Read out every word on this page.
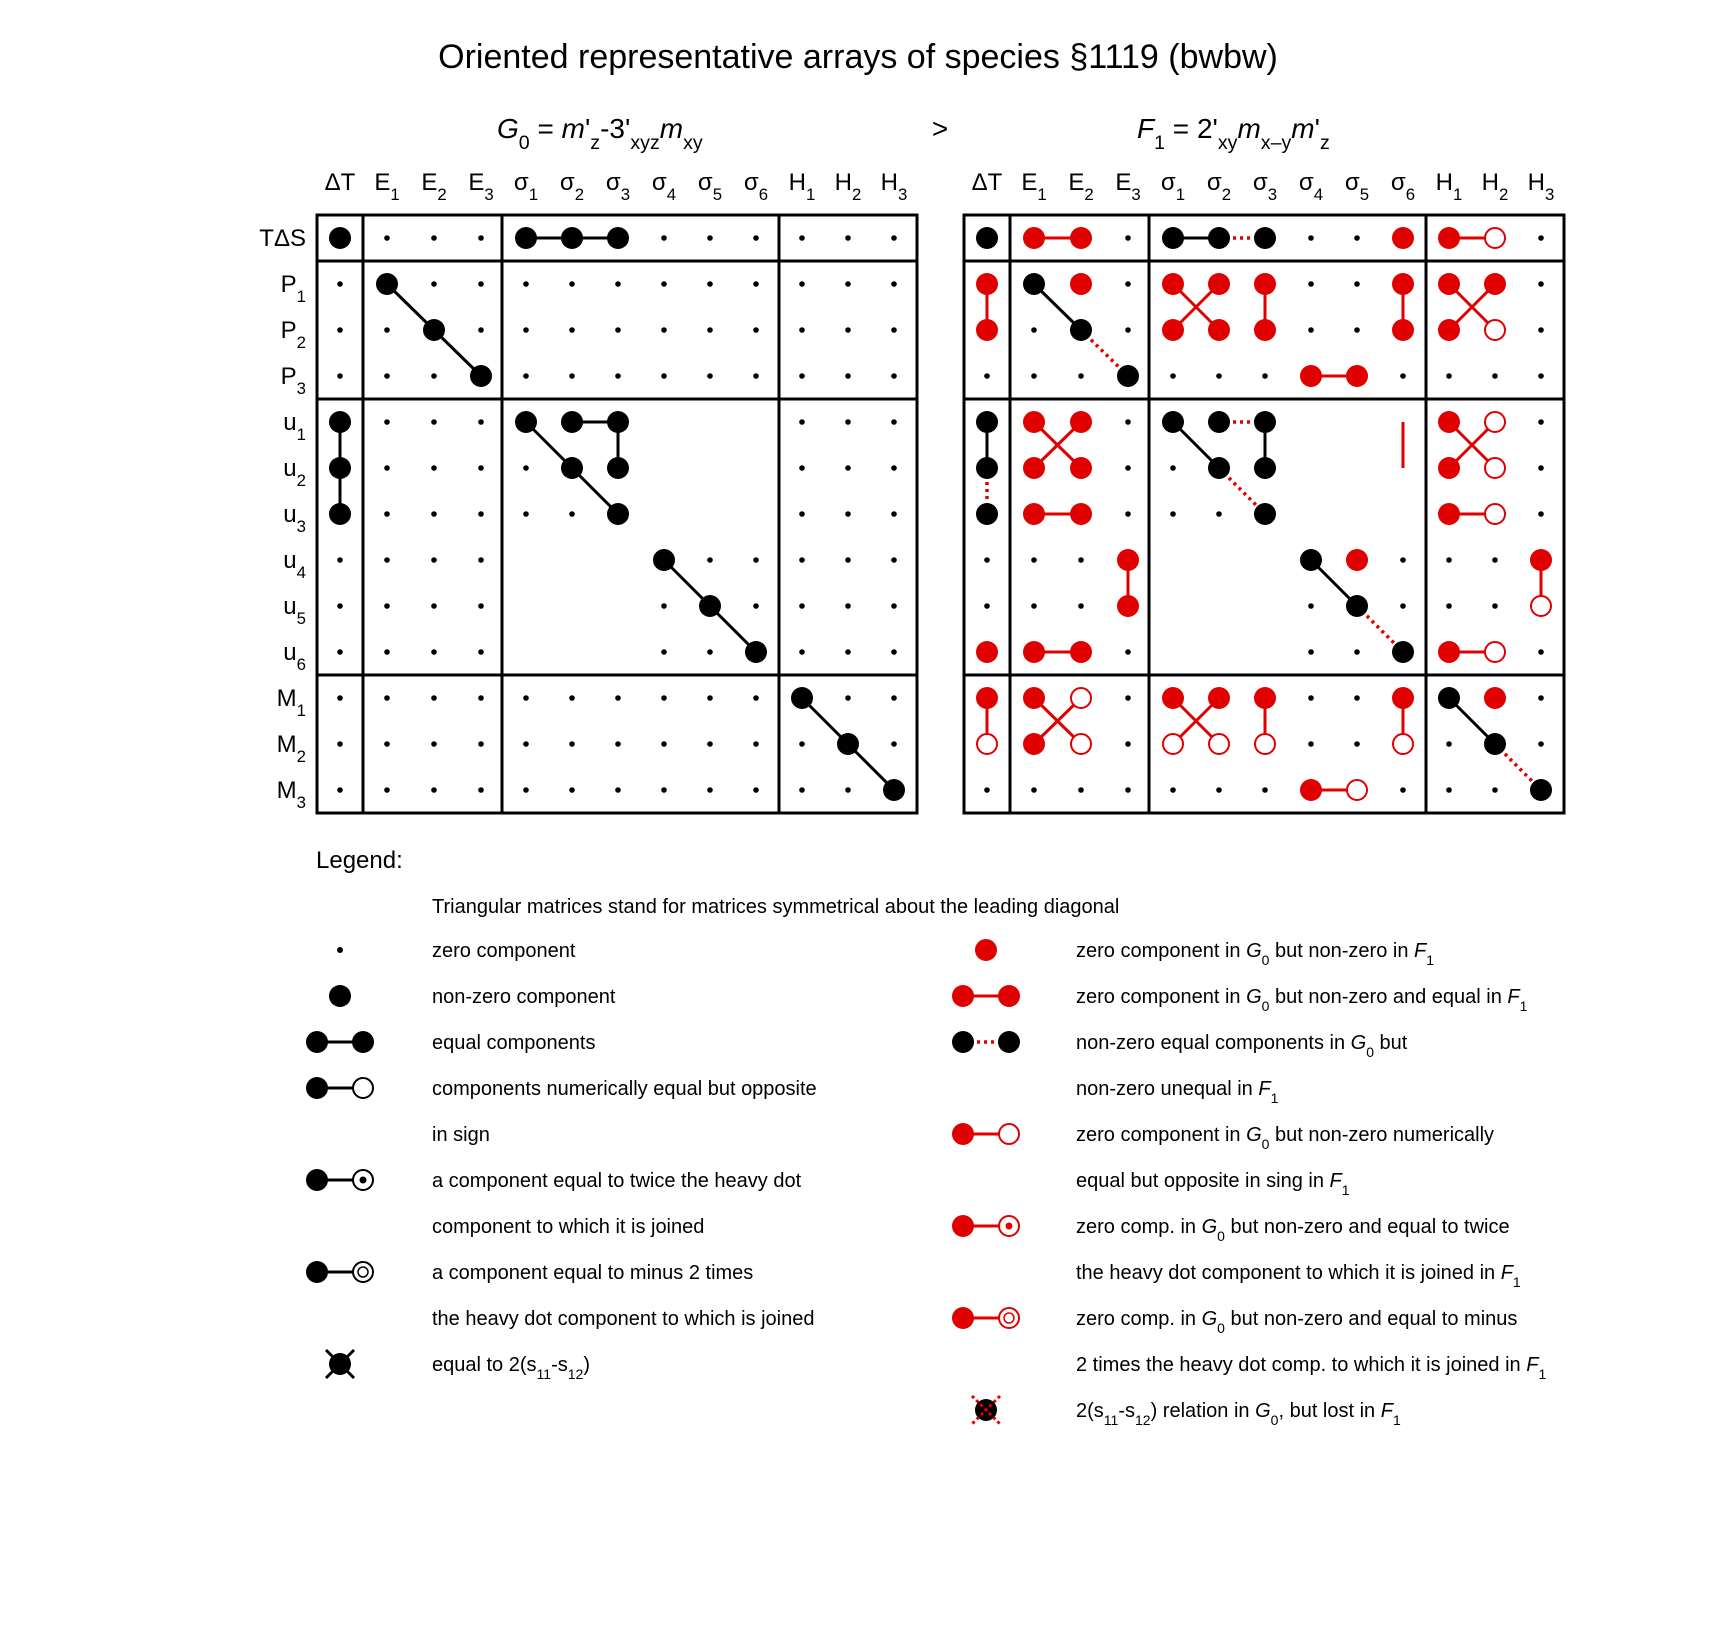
Oriented representative arrays of species §1119 (bwbw)
>
$G_0 = m'_z-3'_{xyz}m_{xy}$	$F_1 = 2'_{xy}m_{x-y}m'_z$
ΔT $E_1$ $E_2$ $E_3$ $\sigma_1$ $\sigma_2$ $\sigma_3$ $\sigma_4$ $\sigma_5$ $\sigma_6$ $H_1$ $H_2$ $H_3$
TΔS
$P_1$
$P_2$
$P_3$
$u_1$
$u_2$
$u_3$
$u_4$
$u_5$
$u_6$
$M_1$
$M_2$
$M_3$
ΔT $E_1$ $E_2$ $E_3$ $\sigma_1$ $\sigma_2$ $\sigma_3$ $\sigma_4$ $\sigma_5$ $\sigma_6$ $H_1$ $H_2$ $H_3$
Legend:
Triangular matrices stand for matrices symmetrical about the leading diagonal
zero component
non-zero component
equal components
components numerically equal but opposite
in sign
a component equal to twice the heavy dot
component to which it is joined
a component equal to minus 2 times
the heavy dot component to which is joined
equal to $2(s_{11}-s_{12})$
zero component in $G_0$ but non-zero in $F_1$
zero component in $G_0$ but non-zero and equal in $F_1$
non-zero equal components in $G_0$ but
non-zero unequal in $F_1$
zero component in $G_0$ but non-zero numerically
equal but opposite in sing in $F_1$
zero comp. in $G_0$ but non-zero and equal to twice
the heavy dot component to which it is joined in $F_1$
zero comp. in $G_0$ but non-zero and equal to minus
2 times the heavy dot comp. to which it is joined in $F_1$
$2(s_{11}-s_{12})$ relation in $G_0$, but lost in $F_1$
